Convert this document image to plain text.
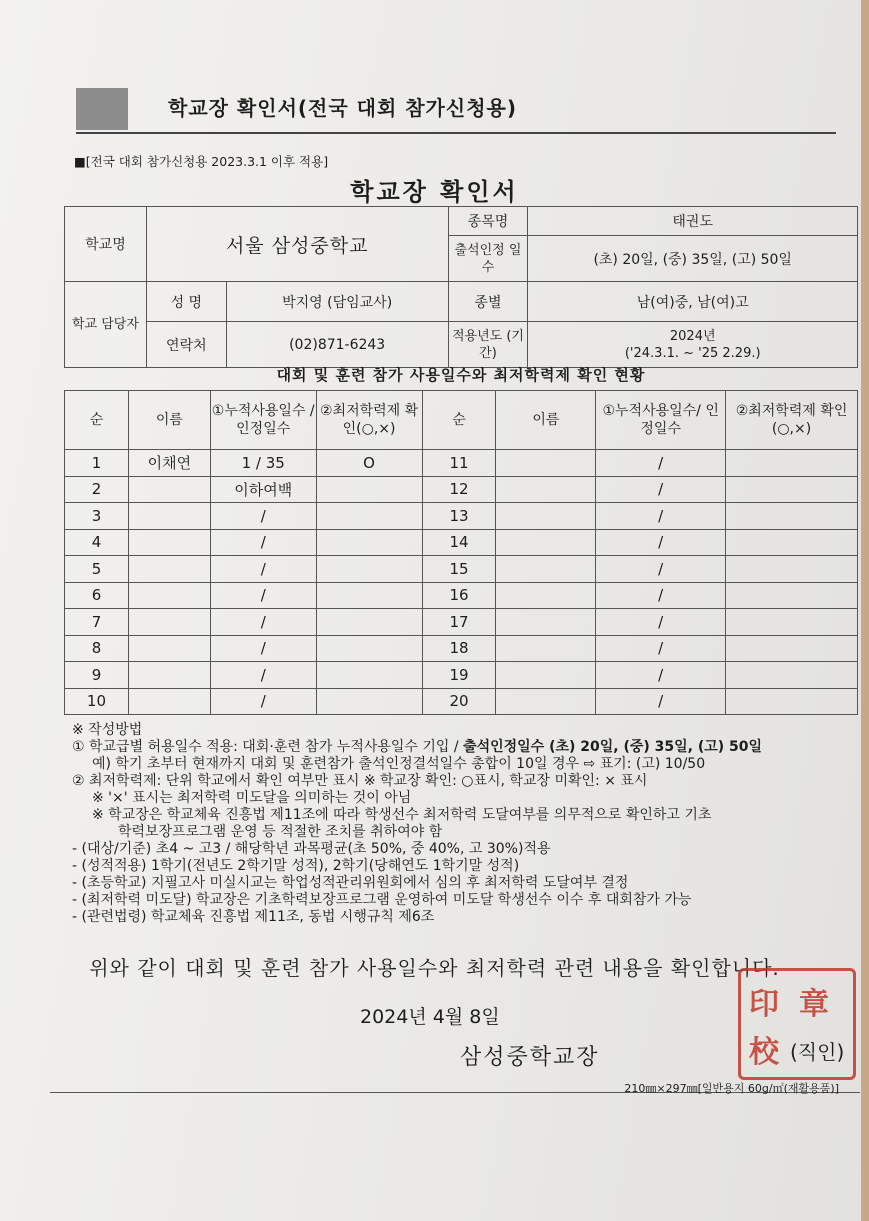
학교장 확인서(전국 대회 참가신청용)
■[전국 대회 참가신청용 2023.3.1 이후 적용]
학교장 확인서
학교명	서울 삼성중학교		종목명	태권도
			출석인정 일수	(초) 20일, (중) 35일, (고) 50일
학교 담당자	성 명	박지영 (담임교사)	종별	남(여)중, 남(여)고
	연락처	(02)871-6243	적용년도 (기간)	2024년
('24.3.1. ~ '25 2.29.)
대회 및 훈련 참가 사용일수와 최저학력제 확인 현황
순	이름	①누적사용일수 /인정일수	②최저학력제 확인(○,×)	순	이름	①누적사용일수/ 인정일수	②최저학력제 확인(○,×)
1	이채연	1 / 35	O	11		/	
2		이하여백		12		/	
3		/		13		/	
4		/		14		/	
5		/		15		/	
6		/		16		/	
7		/		17		/	
8		/		18		/	
9		/		19		/	
10		/		20		/	
※ 작성방법
① 학교급별 허용일수 적용: 대회·훈련 참가 누적사용일수 기입 / 출석인정일수 (초) 20일, (중) 35일, (고) 50일
예) 학기 초부터 현재까지 대회 및 훈련참가 출석인정결석일수 총합이 10일 경우 ⇨ 표기: (고) 10/50
② 최저학력제: 단위 학교에서 확인 여부만 표시 ※ 학교장 확인: ○표시, 학교장 미확인: × 표시
※ '×' 표시는 최저학력 미도달을 의미하는 것이 아님
※ 학교장은 학교체육 진흥법 제11조에 따라 학생선수 최저학력 도달여부를 의무적으로 확인하고 기초
학력보장프로그램 운영 등 적절한 조치를 취하여야 함
- (대상/기준) 초4 ~ 고3 / 해당학년 과목평균(초 50%, 중 40%, 고 30%)적용
- (성적적용) 1학기(전년도 2학기말 성적), 2학기(당해연도 1학기말 성적)
- (초등학교) 지필고사 미실시교는 학업성적관리위원회에서 심의 후 최저학력 도달여부 결정
- (최저학력 미도달) 학교장은 기초학력보장프로그램 운영하여 미도달 학생선수 이수 후 대회참가 가능
- (관련법령) 학교체육 진흥법 제11조, 동법 시행규칙 제6조
위와 같이 대회 및 훈련 참가 사용일수와 최저학력 관련 내용을 확인합니다.
2024년 4월 8일
삼성중학교장
印 章
校 (직인)
210㎜×297㎜[일반용지 60g/㎡(재활용품)]
